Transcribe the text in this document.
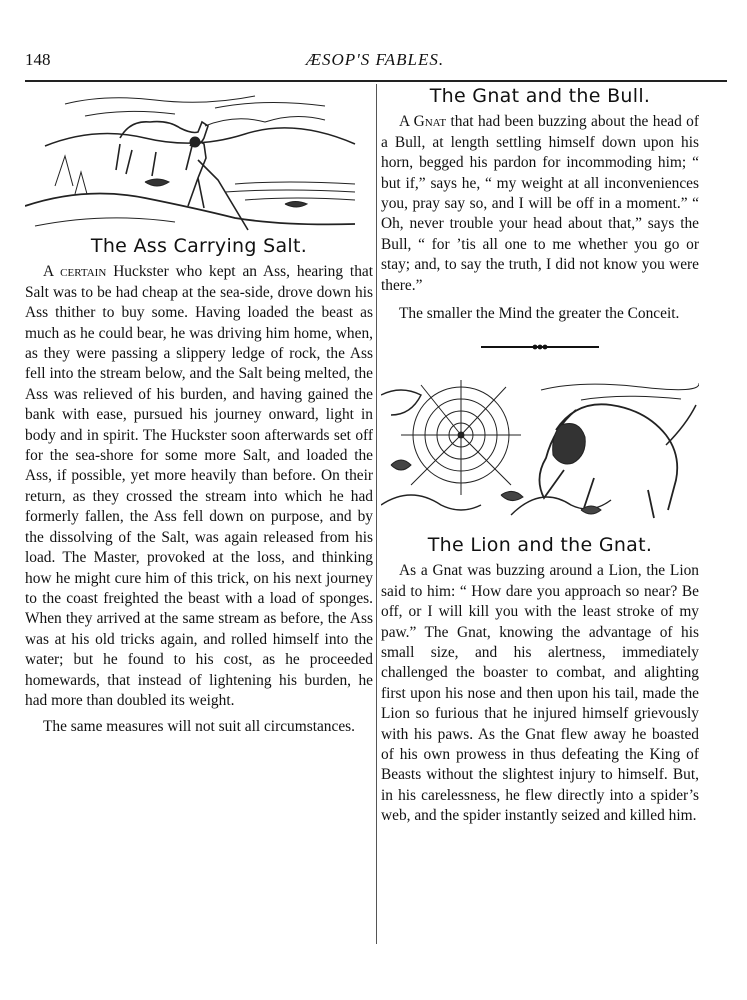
148	ÆSOP'S FABLES.
The Ass Carrying Salt.

A certain Huckster who kept an Ass, hearing that Salt was to be had cheap at the sea-side, drove down his Ass thither to buy some. Having loaded the beast as much as he could bear, he was driving him home, when, as they were passing a slippery ledge of rock, the Ass fell into the stream below, and the Salt being melted, the Ass was relieved of his burden, and having gained the bank with ease, pursued his journey onward, light in body and in spirit. The Huckster soon afterwards set off for the sea-shore for some more Salt, and loaded the Ass, if possible, yet more heavily than before. On their return, as they crossed the stream into which he had formerly fallen, the Ass fell down on purpose, and by the dissolving of the Salt, was again released from his load. The Master, provoked at the loss, and thinking how he might cure him of this trick, on his next journey to the coast freighted the beast with a load of sponges. When they arrived at the same stream as before, the Ass was at his old tricks again, and rolled himself into the water; but he found to his cost, as he proceeded homewards, that instead of lightening his burden, he had more than doubled its weight.

The same measures will not suit all circumstances.

The Gnat and the Bull.

A Gnat that had been buzzing about the head of a Bull, at length settling himself down upon his horn, begged his pardon for incommoding him; “ but if,” says he, “ my weight at all inconveniences you, pray say so, and I will be off in a moment.” “ Oh, never trouble your head about that,” says the Bull, “ for ’tis all one to me whether you go or stay; and, to say the truth, I did not know you were there.”

The smaller the Mind the greater the Conceit.

The Lion and the Gnat.

As a Gnat was buzzing around a Lion, the Lion said to him: “ How dare you approach so near? Be off, or I will kill you with the least stroke of my paw.” The Gnat, knowing the advantage of his small size, and his alertness, immediately challenged the boaster to combat, and alighting first upon his nose and then upon his tail, made the Lion so furious that he injured himself grievously with his paws. As the Gnat flew away he boasted of his own prowess in thus defeating the King of Beasts without the slightest injury to himself. But, in his carelessness, he flew directly into a spider’s web, and the spider instantly seized and killed him.
